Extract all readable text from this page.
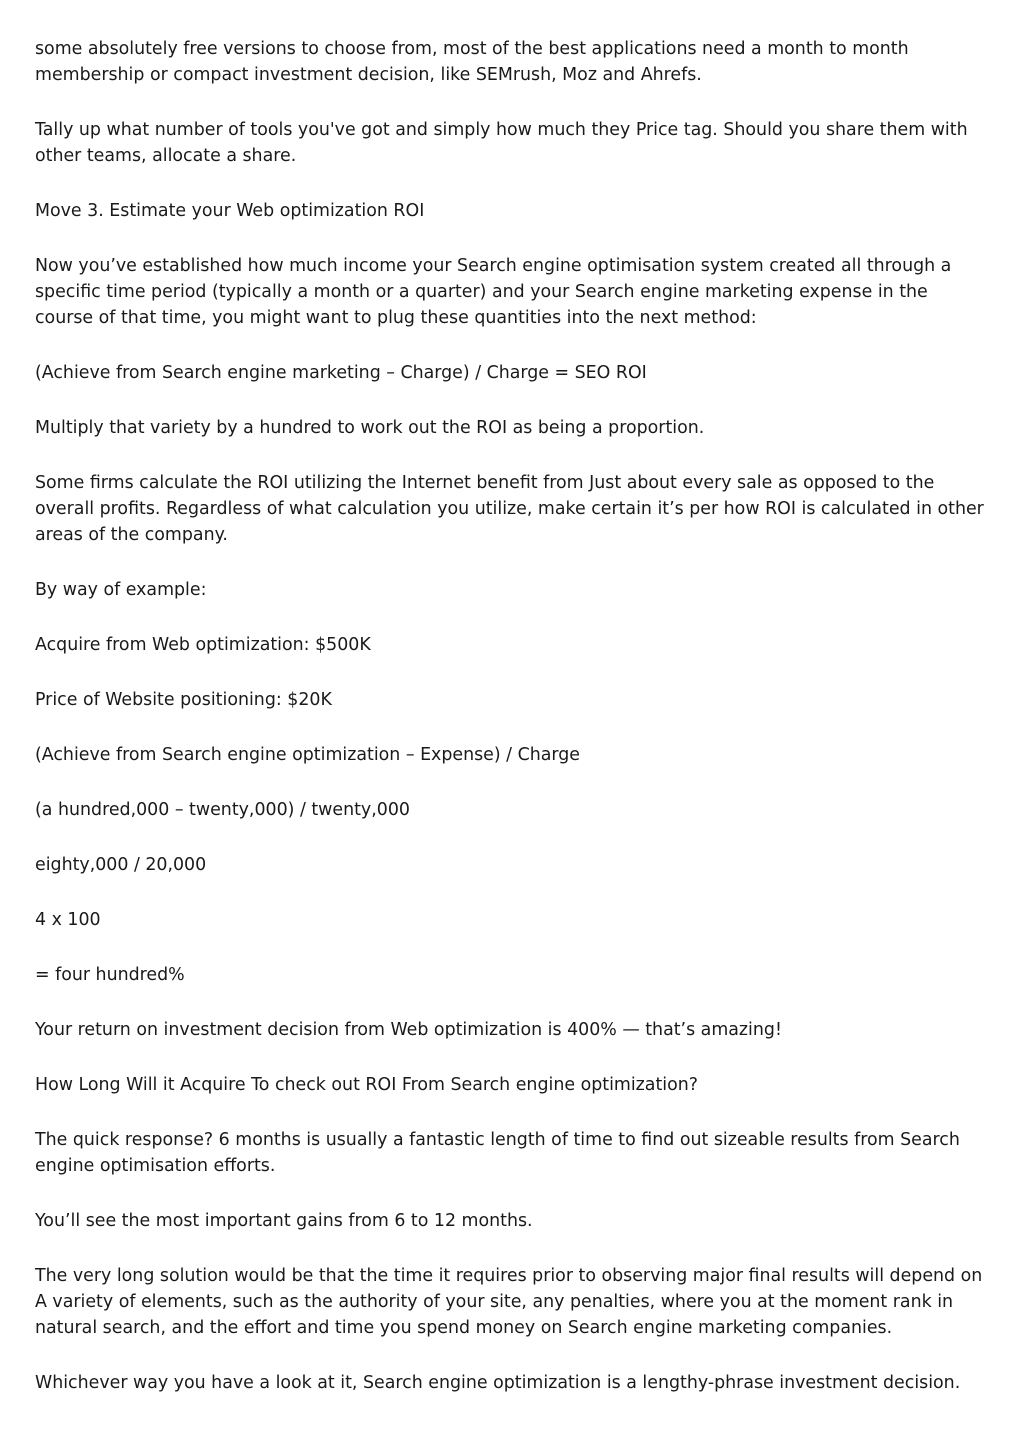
some absolutely free versions to choose from, most of the best applications need a month to month membership or compact investment decision, like SEMrush, Moz and Ahrefs.

Tally up what number of tools you've got and simply how much they Price tag. Should you share them with other teams, allocate a share.

Move 3. Estimate your Web optimization ROI

Now you’ve established how much income your Search engine optimisation system created all through a specific time period (typically a month or a quarter) and your Search engine marketing expense in the course of that time, you might want to plug these quantities into the next method:

(Achieve from Search engine marketing – Charge) / Charge = SEO ROI

Multiply that variety by a hundred to work out the ROI as being a proportion.

Some firms calculate the ROI utilizing the Internet benefit from Just about every sale as opposed to the overall profits. Regardless of what calculation you utilize, make certain it’s per how ROI is calculated in other areas of the company.

By way of example:

Acquire from Web optimization: $500K

Price of Website positioning: $20K

(Achieve from Search engine optimization – Expense) / Charge

(a hundred,000 – twenty,000) / twenty,000

eighty,000 / 20,000

4 x 100

= four hundred%

Your return on investment decision from Web optimization is 400% — that’s amazing!

How Long Will it Acquire To check out ROI From Search engine optimization?

The quick response? 6 months is usually a fantastic length of time to find out sizeable results from Search engine optimisation efforts.

You’ll see the most important gains from 6 to 12 months.

The very long solution would be that the time it requires prior to observing major final results will depend on A variety of elements, such as the authority of your site, any penalties, where you at the moment rank in natural search, and the effort and time you spend money on Search engine marketing companies.

Whichever way you have a look at it, Search engine optimization is a lengthy-phrase investment decision.
